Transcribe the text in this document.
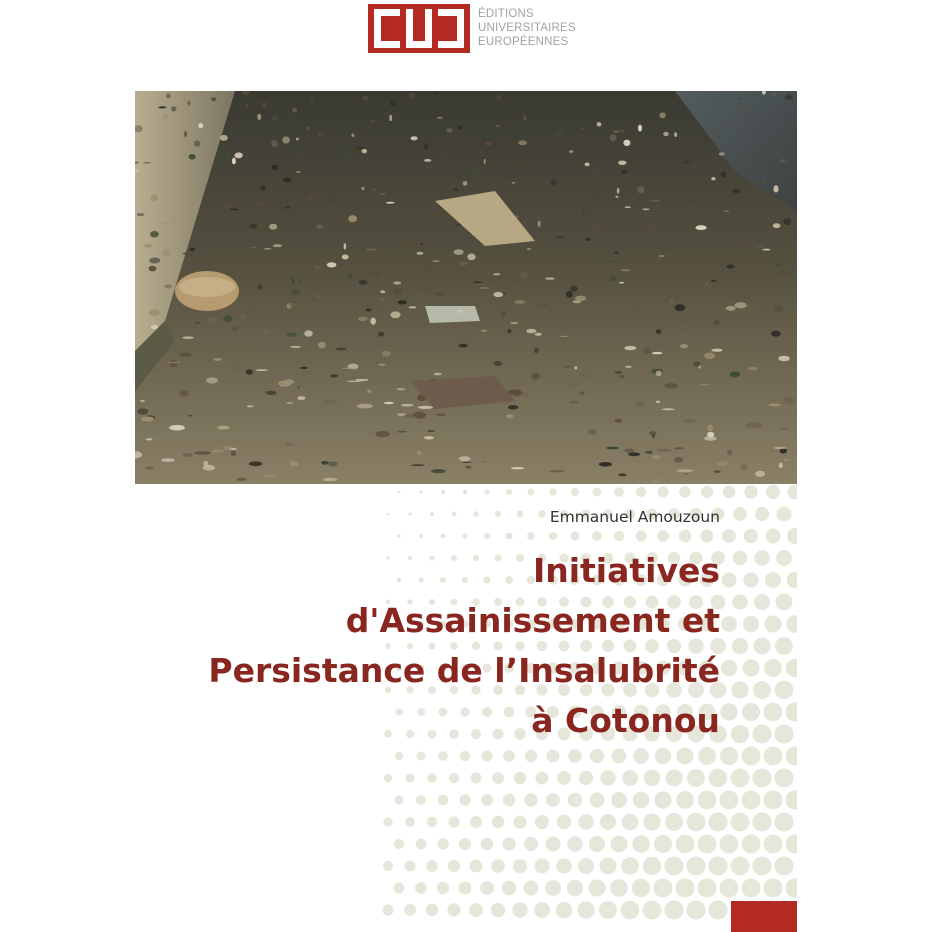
ÉDITIONS
UNIVERSITAIRES
EUROPÉENNES
Emmanuel Amouzoun
Initiatives
d'Assainissement et
Persistance de l’Insalubrité
à Cotonou
